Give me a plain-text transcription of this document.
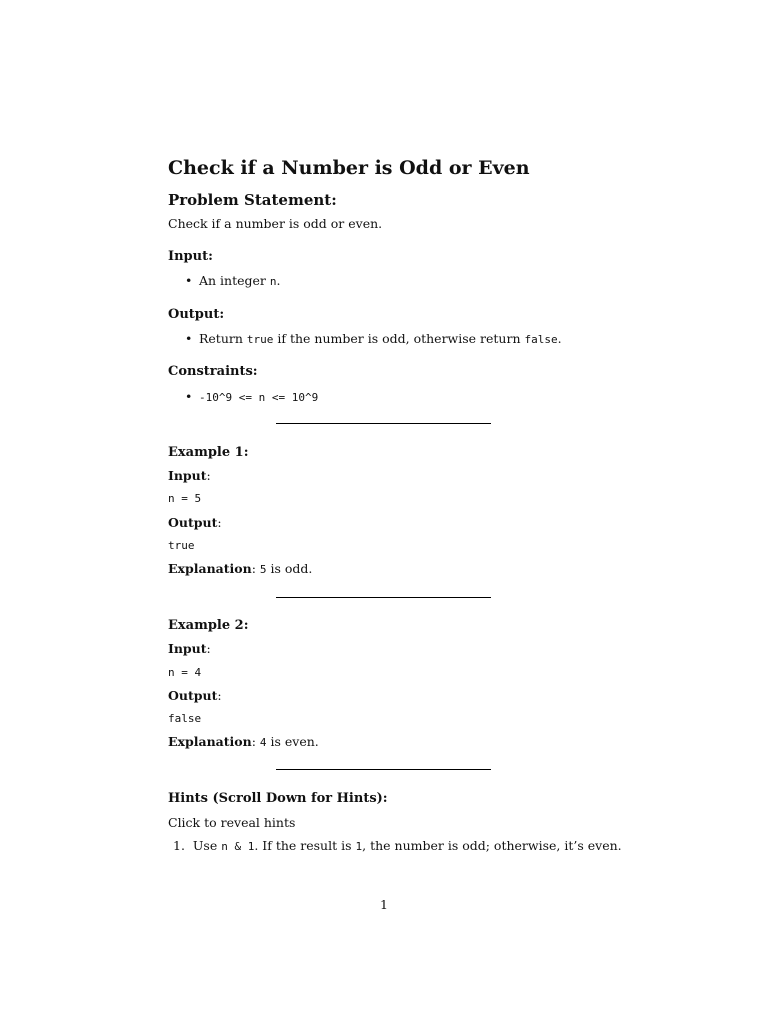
Check if a Number is Odd or Even
Problem Statement:
Check if a number is odd or even.
Input:
• An integer n.
Output:
• Return true if the number is odd, otherwise return false.
Constraints:
• -10^9 <= n <= 10^9
Example 1:
Input:
n = 5
Output:
true
Explanation: 5 is odd.
Example 2:
Input:
n = 4
Output:
false
Explanation: 4 is even.
Hints (Scroll Down for Hints):
Click to reveal hints
1. Use n & 1. If the result is 1, the number is odd; otherwise, it’s even.
1
